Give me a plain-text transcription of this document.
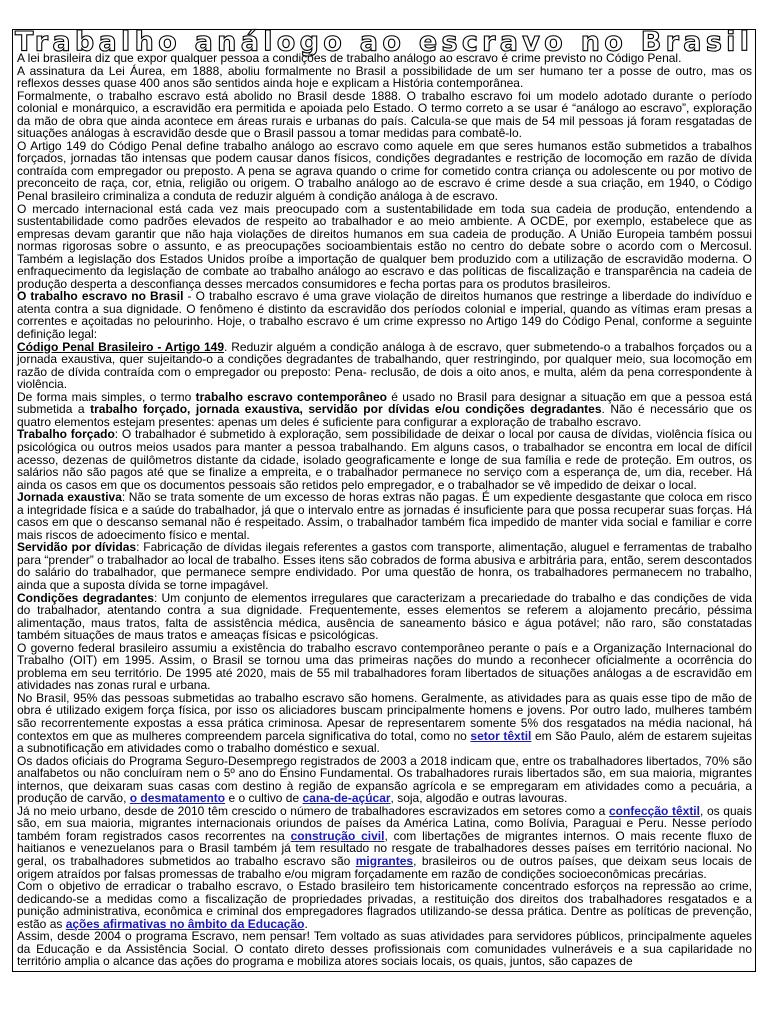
Trabalho análogo ao escravo no Brasil

A lei brasileira diz que expor qualquer pessoa a condições de trabalho análogo ao escravo é crime previsto no Código Penal.

A assinatura da Lei Áurea, em 1888, aboliu formalmente no Brasil a possibilidade de um ser humano ter a posse de outro, mas os reflexos desses quase 400 anos são sentidos ainda hoje e explicam a História contemporânea.

Formalmente, o trabalho escravo está abolido no Brasil desde 1888. O trabalho escravo foi um modelo adotado durante o período colonial e monárquico, a escravidão era permitida e apoiada pelo Estado. O termo correto a se usar é “análogo ao escravo”, exploração da mão de obra que ainda acontece em áreas rurais e urbanas do país. Calcula-se que mais de 54 mil pessoas já foram resgatadas de situações análogas à escravidão desde que o Brasil passou a tomar medidas para combatê-lo.

O Artigo 149 do Código Penal define trabalho análogo ao escravo como aquele em que seres humanos estão submetidos a trabalhos forçados, jornadas tão intensas que podem causar danos físicos, condições degradantes e restrição de locomoção em razão de dívida contraída com empregador ou preposto. A pena se agrava quando o crime for cometido contra criança ou adolescente ou por motivo de preconceito de raça, cor, etnia, religião ou origem. O trabalho análogo ao de escravo é crime desde a sua criação, em 1940, o Código Penal brasileiro criminaliza a conduta de reduzir alguém à condição análoga à de escravo.

O mercado internacional está cada vez mais preocupado com a sustentabilidade em toda sua cadeia de produção, entendendo a sustentabilidade como padrões elevados de respeito ao trabalhador e ao meio ambiente. A OCDE, por exemplo, estabelece que as empresas devam garantir que não haja violações de direitos humanos em sua cadeia de produção. A União Europeia também possui normas rigorosas sobre o assunto, e as preocupações socioambientais estão no centro do debate sobre o acordo com o Mercosul. Também a legislação dos Estados Unidos proíbe a importação de qualquer bem produzido com a utilização de escravidão moderna. O enfraquecimento da legislação de combate ao trabalho análogo ao escravo e das políticas de fiscalização e transparência na cadeia de produção desperta a desconfiança desses mercados consumidores e fecha portas para os produtos brasileiros.

O trabalho escravo no Brasil - O trabalho escravo é uma grave violação de direitos humanos que restringe a liberdade do indivíduo e atenta contra a sua dignidade. O fenômeno é distinto da escravidão dos períodos colonial e imperial, quando as vítimas eram presas a correntes e açoitadas no pelourinho. Hoje, o trabalho escravo é um crime expresso no Artigo 149 do Código Penal, conforme a seguinte definição legal:

Código Penal Brasileiro - Artigo 149. Reduzir alguém a condição análoga à de escravo, quer submetendo-o a trabalhos forçados ou a jornada exaustiva, quer sujeitando-o a condições degradantes de trabalhando, quer restringindo, por qualquer meio, sua locomoção em razão de dívida contraída com o empregador ou preposto: Pena- reclusão, de dois a oito anos, e multa, além da pena correspondente à violência.

De forma mais simples, o termo trabalho escravo contemporâneo é usado no Brasil para designar a situação em que a pessoa está submetida a trabalho forçado, jornada exaustiva, servidão por dívidas e/ou condições degradantes. Não é necessário que os quatro elementos estejam presentes: apenas um deles é suficiente para configurar a exploração de trabalho escravo.

Trabalho forçado: O trabalhador é submetido à exploração, sem possibilidade de deixar o local por causa de dívidas, violência física ou psicológica ou outros meios usados para manter a pessoa trabalhando. Em alguns casos, o trabalhador se encontra em local de difícil acesso, dezenas de quilômetros distante da cidade, isolado geograficamente e longe de sua família e rede de proteção. Em outros, os salários não são pagos até que se finalize a empreita, e o trabalhador permanece no serviço com a esperança de, um dia, receber. Há ainda os casos em que os documentos pessoais são retidos pelo empregador, e o trabalhador se vê impedido de deixar o local.

Jornada exaustiva: Não se trata somente de um excesso de horas extras não pagas. É um expediente desgastante que coloca em risco a integridade física e a saúde do trabalhador, já que o intervalo entre as jornadas é insuficiente para que possa recuperar suas forças. Há casos em que o descanso semanal não é respeitado. Assim, o trabalhador também fica impedido de manter vida social e familiar e corre mais riscos de adoecimento físico e mental.

Servidão por dívidas: Fabricação de dívidas ilegais referentes a gastos com transporte, alimentação, aluguel e ferramentas de trabalho para “prender” o trabalhador ao local de trabalho. Esses itens são cobrados de forma abusiva e arbitrária para, então, serem descontados do salário do trabalhador, que permanece sempre endividado. Por uma questão de honra, os trabalhadores permanecem no trabalho, ainda que a suposta dívida se torne impagável.

Condições degradantes: Um conjunto de elementos irregulares que caracterizam a precariedade do trabalho e das condições de vida do trabalhador, atentando contra a sua dignidade. Frequentemente, esses elementos se referem a alojamento precário, péssima alimentação, maus tratos, falta de assistência médica, ausência de saneamento básico e água potável; não raro, são constatadas também situações de maus tratos e ameaças físicas e psicológicas.

O governo federal brasileiro assumiu a existência do trabalho escravo contemporâneo perante o país e a Organização Internacional do Trabalho (OIT) em 1995. Assim, o Brasil se tornou uma das primeiras nações do mundo a reconhecer oficialmente a ocorrência do problema em seu território. De 1995 até 2020, mais de 55 mil trabalhadores foram libertados de situações análogas a de escravidão em atividades nas zonas rural e urbana.

No Brasil, 95% das pessoas submetidas ao trabalho escravo são homens. Geralmente, as atividades para as quais esse tipo de mão de obra é utilizado exigem força física, por isso os aliciadores buscam principalmente homens e jovens. Por outro lado, mulheres também são recorrentemente expostas a essa prática criminosa. Apesar de representarem somente 5% dos resgatados na média nacional, há contextos em que as mulheres compreendem parcela significativa do total, como no setor têxtil em São Paulo, além de estarem sujeitas a subnotificação em atividades como o trabalho doméstico e sexual.

Os dados oficiais do Programa Seguro-Desemprego registrados de 2003 a 2018 indicam que, entre os trabalhadores libertados, 70% são analfabetos ou não concluíram nem o 5º ano do Ensino Fundamental. Os trabalhadores rurais libertados são, em sua maioria, migrantes internos, que deixaram suas casas com destino à região de expansão agrícola e se empregaram em atividades como a pecuária, a produção de carvão, o desmatamento e o cultivo de cana-de-açúcar, soja, algodão e outras lavouras.

Já no meio urbano, desde de 2010 têm crescido o número de trabalhadores escravizados em setores como a confecção têxtil, os quais são, em sua maioria, migrantes internacionais oriundos de países da América Latina, como Bolívia, Paraguai e Peru. Nesse período também foram registrados casos recorrentes na construção civil, com libertações de migrantes internos. O mais recente fluxo de haitianos e venezuelanos para o Brasil também já tem resultado no resgate de trabalhadores desses países em território nacional. No geral, os trabalhadores submetidos ao trabalho escravo são migrantes, brasileiros ou de outros países, que deixam seus locais de origem atraídos por falsas promessas de trabalho e/ou migram forçadamente em razão de condições socioeconômicas precárias.

Com o objetivo de erradicar o trabalho escravo, o Estado brasileiro tem historicamente concentrado esforços na repressão ao crime, dedicando-se a medidas como a fiscalização de propriedades privadas, a restituição dos direitos dos trabalhadores resgatados e a punição administrativa, econômica e criminal dos empregadores flagrados utilizando-se dessa prática. Dentre as políticas de prevenção, estão as ações afirmativas no âmbito da Educação.

Assim, desde 2004 o programa Escravo, nem pensar! Tem voltado as suas atividades para servidores públicos, principalmente aqueles da Educação e da Assistência Social. O contato direto desses profissionais com comunidades vulneráveis e a sua capilaridade no território amplia o alcance das ações do programa e mobiliza atores sociais locais, os quais, juntos, são capazes de
